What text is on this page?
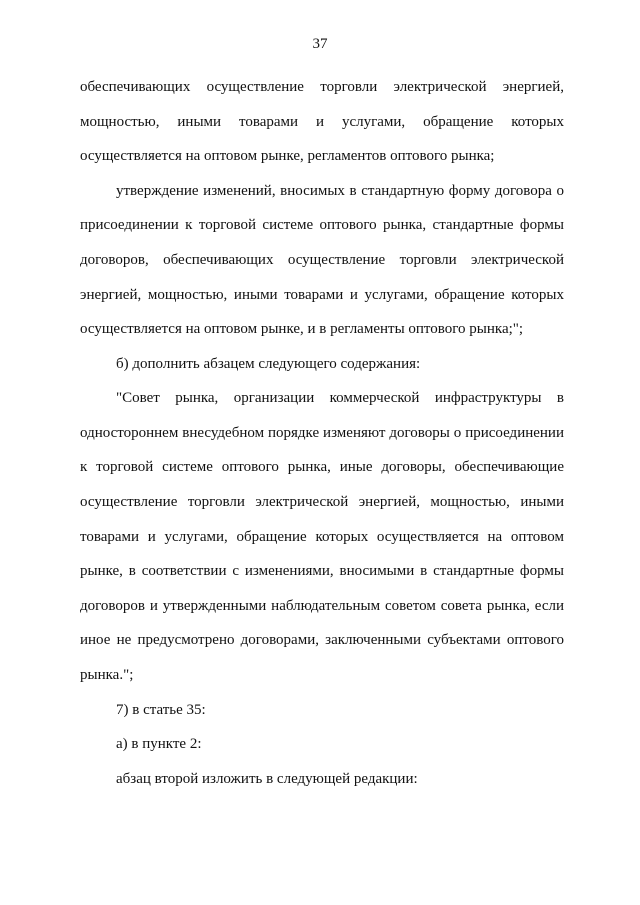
37
обеспечивающих осуществление торговли электрической энергией,
мощностью, иными товарами и услугами, обращение которых
осуществляется на оптовом рынке, регламентов оптового рынка;
утверждение изменений, вносимых в стандартную форму договора о
присоединении к торговой системе оптового рынка, стандартные формы
договоров, обеспечивающих осуществление торговли электрической
энергией, мощностью, иными товарами и услугами, обращение которых
осуществляется на оптовом рынке, и в регламенты оптового рынка;";
б) дополнить абзацем следующего содержания:
"Совет рынка, организации коммерческой инфраструктуры в
одностороннем внесудебном порядке изменяют договоры о присоединении
к торговой системе оптового рынка, иные договоры, обеспечивающие
осуществление торговли электрической энергией, мощностью, иными
товарами и услугами, обращение которых осуществляется на оптовом
рынке, в соответствии с изменениями, вносимыми в стандартные формы
договоров и утвержденными наблюдательным советом совета рынка, если
иное не предусмотрено договорами, заключенными субъектами оптового
рынка.";
7) в статье 35:
а) в пункте 2:
абзац второй изложить в следующей редакции:
